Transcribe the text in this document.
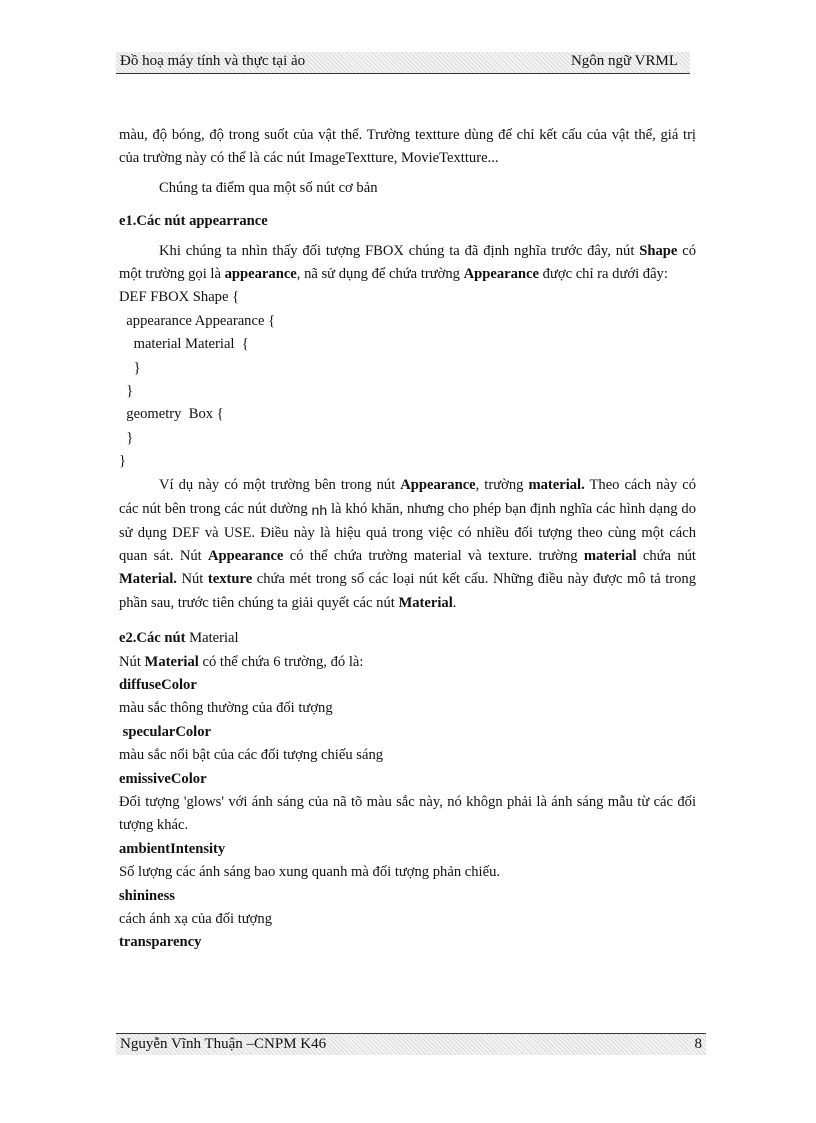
Đồ hoạ máy tính và thực tại ảo	Ngôn ngữ VRML

màu, độ bóng, độ trong suốt của vật thể. Trường textture dùng để chỉ kết cấu của vật thể, giá trị của trường này có thể là các nút ImageTextture, MovieTextture...

Chúng ta điểm qua một số nút cơ bản

e1.Các nút appearrance

Khi chúng ta nhìn thấy đối tượng FBOX chúng ta đã định nghĩa trước đây, nút Shape có một trường gọi là appearance, nã sử dụng để chứa trường Appearance được chỉ ra dưới đây:

DEF FBOX Shape {
appearance Appearance {
material Material  {
}
}
geometry  Box {
}
}

Ví dụ này có một trường bên trong nút Appearance, trường material. Theo cách này có các nút bên trong các nút dường nh là khó khăn, nhưng cho phép bạn định nghĩa các hình dạng do sử dụng DEF và USE. Điều này là hiệu quả trong việc có nhiều đối tượng theo cùng một cách quan sát. Nút Appearance có thể chứa trường material và texture. trường material chứa nút Material. Nút texture chứa mét trong số các loại nút kết cấu. Những điều này được mô tả trong phần sau, trước tiên chúng ta giải quyết các nút Material.

e2.Các nút Material

Nút Material có thể chứa 6 trường, đó là:

diffuseColor

màu sắc thông thường của đối tượng

specularColor

màu sắc nổi bật của các đối tượng chiếu sáng

emissiveColor

Đối tượng 'glows' với ánh sáng của nã tõ màu sắc này, nó khôgn phải là ánh sáng mẫu từ các đối tượng khác.

ambientIntensity

Số lượng các ánh sáng bao xung quanh mà đối tượng phản chiếu.

shininess

cách ánh xạ của đối tượng

transparency
Nguyễn Vĩnh Thuận –CNPM K46	8
